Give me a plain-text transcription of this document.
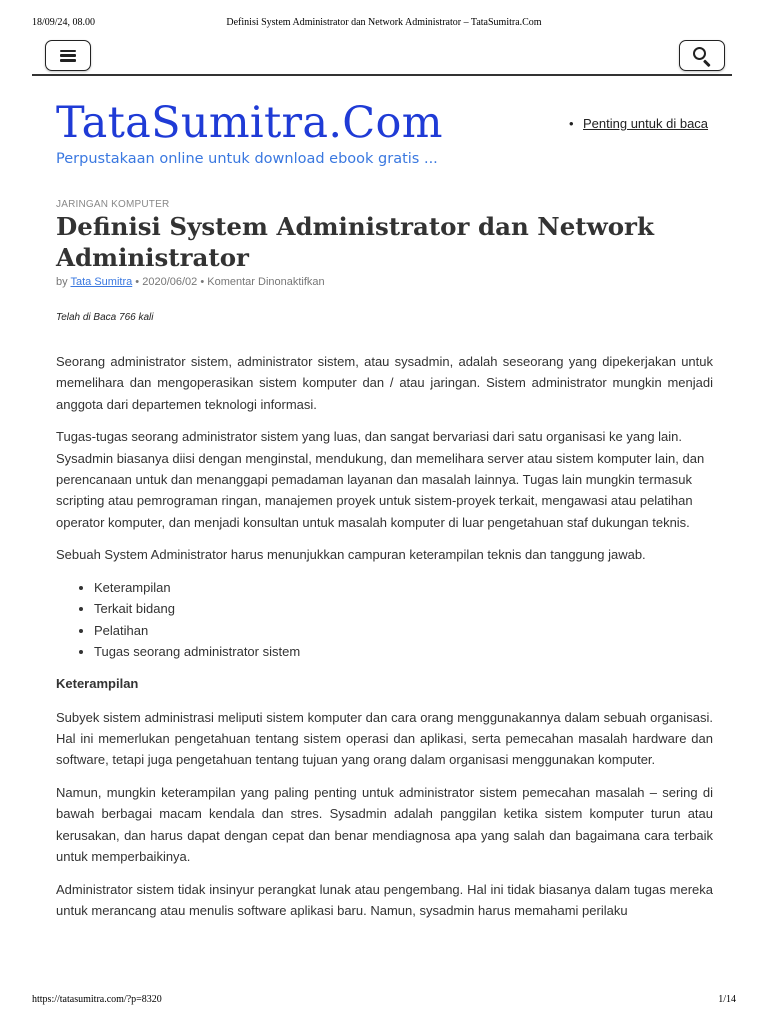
18/09/24, 08.00	Definisi System Administrator dan Network Administrator – TataSumitra.Com
TataSumitra.Com
Perpustakaan online untuk download ebook gratis ...
• Penting untuk di baca
JARINGAN KOMPUTER
Definisi System Administrator dan Network Administrator
by Tata Sumitra • 2020/06/02 • Komentar Dinonaktifkan
Telah di Baca 766 kali

Seorang administrator sistem, administrator sistem, atau sysadmin, adalah seseorang yang dipekerjakan untuk memelihara dan mengoperasikan sistem komputer dan / atau jaringan. Sistem administrator mungkin menjadi anggota dari departemen teknologi informasi.

Tugas-tugas seorang administrator sistem yang luas, dan sangat bervariasi dari satu organisasi ke yang lain. Sysadmin biasanya diisi dengan menginstal, mendukung, dan memelihara server atau sistem komputer lain, dan perencanaan untuk dan menanggapi pemadaman layanan dan masalah lainnya. Tugas lain mungkin termasuk scripting atau pemrograman ringan, manajemen proyek untuk sistem-proyek terkait, mengawasi atau pelatihan operator komputer, dan menjadi konsultan untuk masalah komputer di luar pengetahuan staf dukungan teknis.

Sebuah System Administrator harus menunjukkan campuran keterampilan teknis dan tanggung jawab.

• Keterampilan
• Terkait bidang
• Pelatihan
• Tugas seorang administrator sistem

Keterampilan

Subyek sistem administrasi meliputi sistem komputer dan cara orang menggunakannya dalam sebuah organisasi. Hal ini memerlukan pengetahuan tentang sistem operasi dan aplikasi, serta pemecahan masalah hardware dan software, tetapi juga pengetahuan tentang tujuan yang orang dalam organisasi menggunakan komputer.

Namun, mungkin keterampilan yang paling penting untuk administrator sistem pemecahan masalah – sering di bawah berbagai macam kendala dan stres. Sysadmin adalah panggilan ketika sistem komputer turun atau kerusakan, dan harus dapat dengan cepat dan benar mendiagnosa apa yang salah dan bagaimana cara terbaik untuk memperbaikinya.

Administrator sistem tidak insinyur perangkat lunak atau pengembang. Hal ini tidak biasanya dalam tugas mereka untuk merancang atau menulis software aplikasi baru. Namun, sysadmin harus memahami perilaku

https://tatasumitra.com/?p=8320	1/14
